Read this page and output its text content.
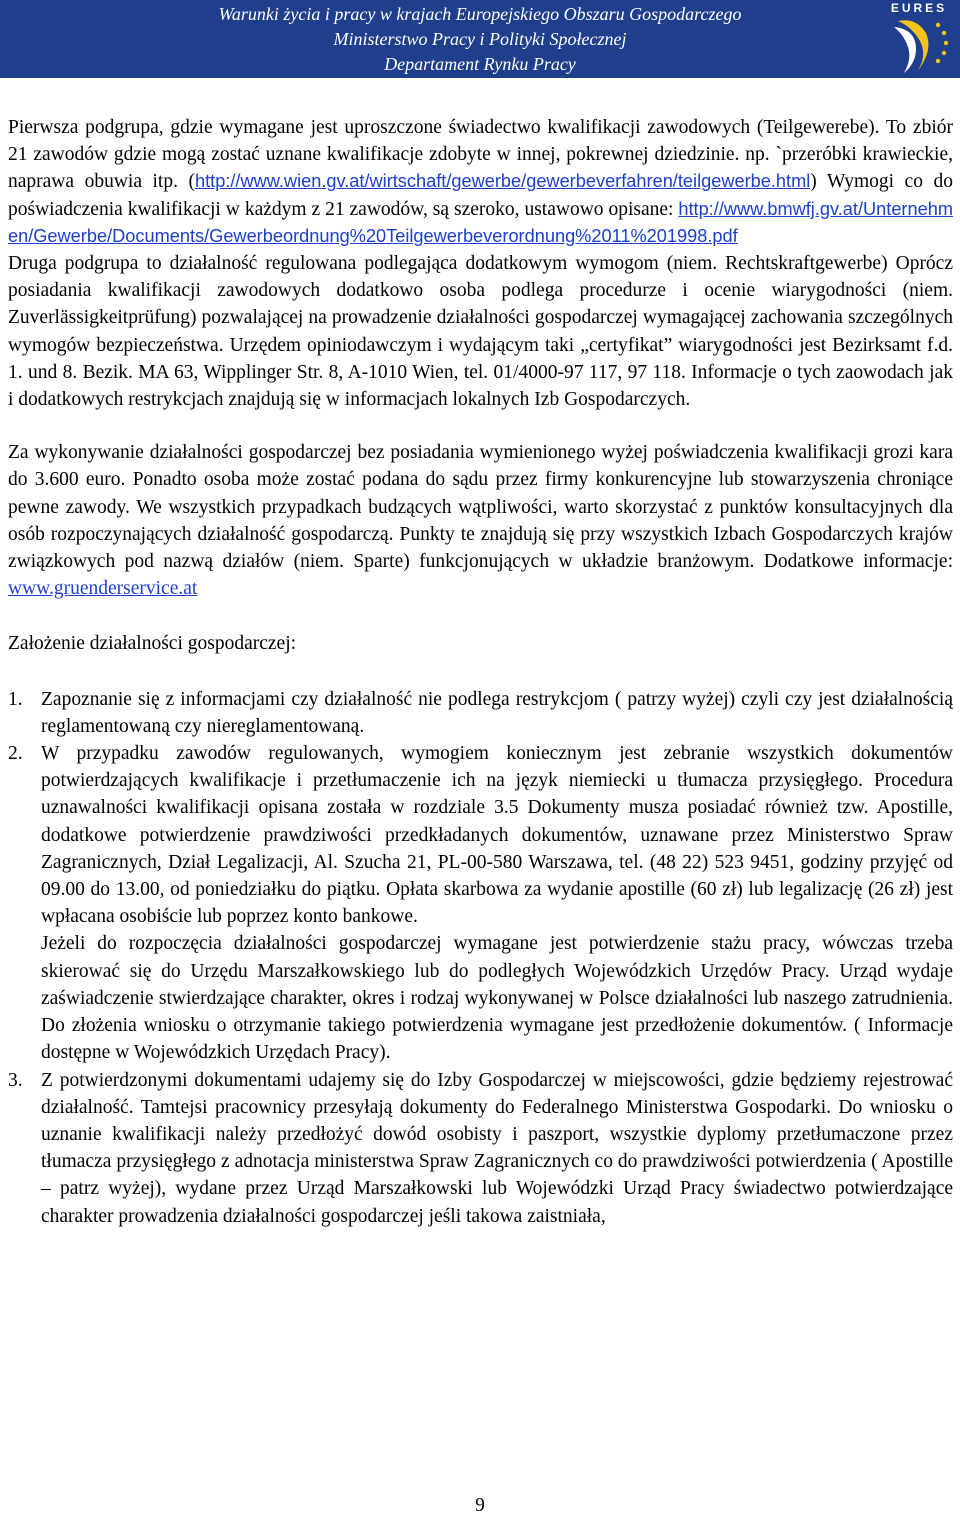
Warunki życia i pracy w krajach Europejskiego Obszaru Gospodarczego
Ministerstwo Pracy i Polityki Społecznej
Departament Rynku Pracy
EURES

Pierwsza podgrupa, gdzie wymagane jest uproszczone świadectwo kwalifikacji zawodowych (Teilgewerebe). To zbiór 21 zawodów gdzie mogą zostać uznane kwalifikacje zdobyte w innej, pokrewnej dziedzinie. np. `przeróbki krawieckie, naprawa obuwia itp. (http://www.wien.gv.at/wirtschaft/gewerbe/gewerbeverfahren/teilgewerbe.html) Wymogi co do poświadczenia kwalifikacji w każdym z 21 zawodów, są szeroko, ustawowo opisane: http://www.bmwfj.gv.at/Unternehmen/Gewerbe/Documents/Gewerbeordnung%20Teilgewerbeverordnung%2011%201998.pdf

Druga podgrupa to działalność regulowana podlegająca dodatkowym wymogom (niem. Rechtskraftgewerbe) Oprócz posiadania kwalifikacji zawodowych dodatkowo osoba podlega procedurze i ocenie wiarygodności (niem. Zuverlässigkeitprüfung) pozwalającej na prowadzenie działalności gospodarczej wymagającej zachowania szczególnych wymogów bezpieczeństwa. Urzędem opiniodawczym i wydającym taki „certyfikat” wiarygodności jest Bezirksamt f.d. 1. und 8. Bezik. MA 63, Wipplinger Str. 8, A-1010 Wien, tel. 01/4000-97 117, 97 118. Informacje o tych zaowodach jak i dodatkowych restrykcjach znajdują się w informacjach lokalnych Izb Gospodarczych.

Za wykonywanie działalności gospodarczej bez posiadania wymienionego wyżej poświadczenia kwalifikacji grozi kara do 3.600 euro. Ponadto osoba może zostać podana do sądu przez firmy konkurencyjne lub stowarzyszenia chroniące pewne zawody. We wszystkich przypadkach budzących wątpliwości, warto skorzystać z punktów konsultacyjnych dla osób rozpoczynających działalność gospodarczą. Punkty te znajdują się przy wszystkich Izbach Gospodarczych krajów związkowych pod nazwą działów (niem. Sparte) funkcjonujących w układzie branżowym. Dodatkowe informacje: www.gruenderservice.at

Założenie działalności gospodarczej:

1. Zapoznanie się z informacjami czy działalność nie podlega restrykcjom ( patrzy wyżej) czyli czy jest działalnością reglamentowaną czy niereglamentowaną.

2. W przypadku zawodów regulowanych, wymogiem koniecznym jest zebranie wszystkich dokumentów potwierdzających kwalifikacje i przetłumaczenie ich na język niemiecki u tłumacza przysięgłego. Procedura uznawalności kwalifikacji opisana została w rozdziale 3.5 Dokumenty musza posiadać również tzw. Apostille, dodatkowe potwierdzenie prawdziwości przedkładanych dokumentów, uznawane przez Ministerstwo Spraw Zagranicznych, Dział Legalizacji, Al. Szucha 21, PL-00-580 Warszawa, tel. (48 22) 523 9451, godziny przyjęć od 09.00 do 13.00, od poniedziałku do piątku. Opłata skarbowa za wydanie apostille (60 zł) lub legalizację (26 zł) jest wpłacana osobiście lub poprzez konto bankowe.

Jeżeli do rozpoczęcia działalności gospodarczej wymagane jest potwierdzenie stażu pracy, wówczas trzeba skierować się do Urzędu Marszałkowskiego lub do podległych Wojewódzkich Urzędów Pracy. Urząd wydaje zaświadczenie stwierdzające charakter, okres i rodzaj wykonywanej w Polsce działalności lub naszego zatrudnienia. Do złożenia wniosku o otrzymanie takiego potwierdzenia wymagane jest przedłożenie dokumentów. ( Informacje dostępne w Wojewódzkich Urzędach Pracy).

3. Z potwierdzonymi dokumentami udajemy się do Izby Gospodarczej w miejscowości, gdzie będziemy rejestrować działalność. Tamtejsi pracownicy przesyłają dokumenty do Federalnego Ministerstwa Gospodarki. Do wniosku o uznanie kwalifikacji należy przedłożyć dowód osobisty i paszport, wszystkie dyplomy przetłumaczone przez tłumacza przysięgłego z adnotacja ministerstwa Spraw Zagranicznych co do prawdziwości potwierdzenia ( Apostille – patrz wyżej), wydane przez Urząd Marszałkowski lub Wojewódzki Urząd Pracy świadectwo potwierdzające charakter prowadzenia działalności gospodarczej jeśli takowa zaistniała,

9
